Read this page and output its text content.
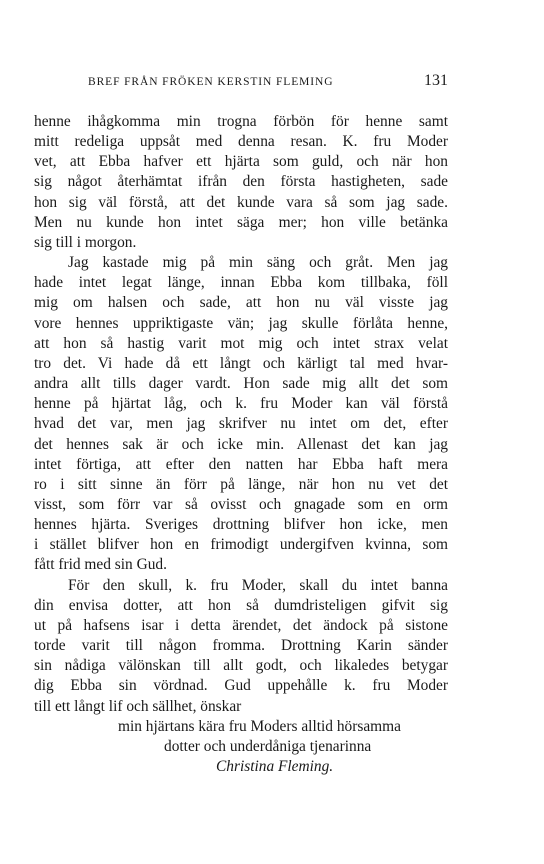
BREF FRÅN FRÖKEN KERSTIN FLEMING	131
henne ihågkomma min trogna förbön för henne samt
mitt redeliga uppsåt med denna resan. K. fru Moder
vet, att Ebba hafver ett hjärta som guld, och när hon
sig något återhämtat ifrån den första hastigheten, sade
hon sig väl förstå, att det kunde vara så som jag sade.
Men nu kunde hon intet säga mer; hon ville betänka
sig till i morgon.
Jag kastade mig på min säng och gråt. Men jag
hade intet legat länge, innan Ebba kom tillbaka, föll
mig om halsen och sade, att hon nu väl visste jag
vore hennes uppriktigaste vän; jag skulle förlåta henne,
att hon så hastig varit mot mig och intet strax velat
tro det. Vi hade då ett långt och kärligt tal med hvar-
andra allt tills dager vardt. Hon sade mig allt det som
henne på hjärtat låg, och k. fru Moder kan väl förstå
hvad det var, men jag skrifver nu intet om det, efter
det hennes sak är och icke min. Allenast det kan jag
intet förtiga, att efter den natten har Ebba haft mera
ro i sitt sinne än förr på länge, när hon nu vet det
visst, som förr var så ovisst och gnagade som en orm
hennes hjärta. Sveriges drottning blifver hon icke, men
i stället blifver hon en frimodigt undergifven kvinna, som
fått frid med sin Gud.
För den skull, k. fru Moder, skall du intet banna
din envisa dotter, att hon så dumdristeligen gifvit sig
ut på hafsens isar i detta ärendet, det ändock på sistone
torde varit till någon fromma. Drottning Karin sänder
sin nådiga välönskan till allt godt, och likaledes betygar
dig Ebba sin vördnad. Gud uppehålle k. fru Moder
till ett långt lif och sällhet, önskar
min hjärtans kära fru Moders alltid hörsamma
dotter och underdåniga tjenarinna
Christina Fleming.
